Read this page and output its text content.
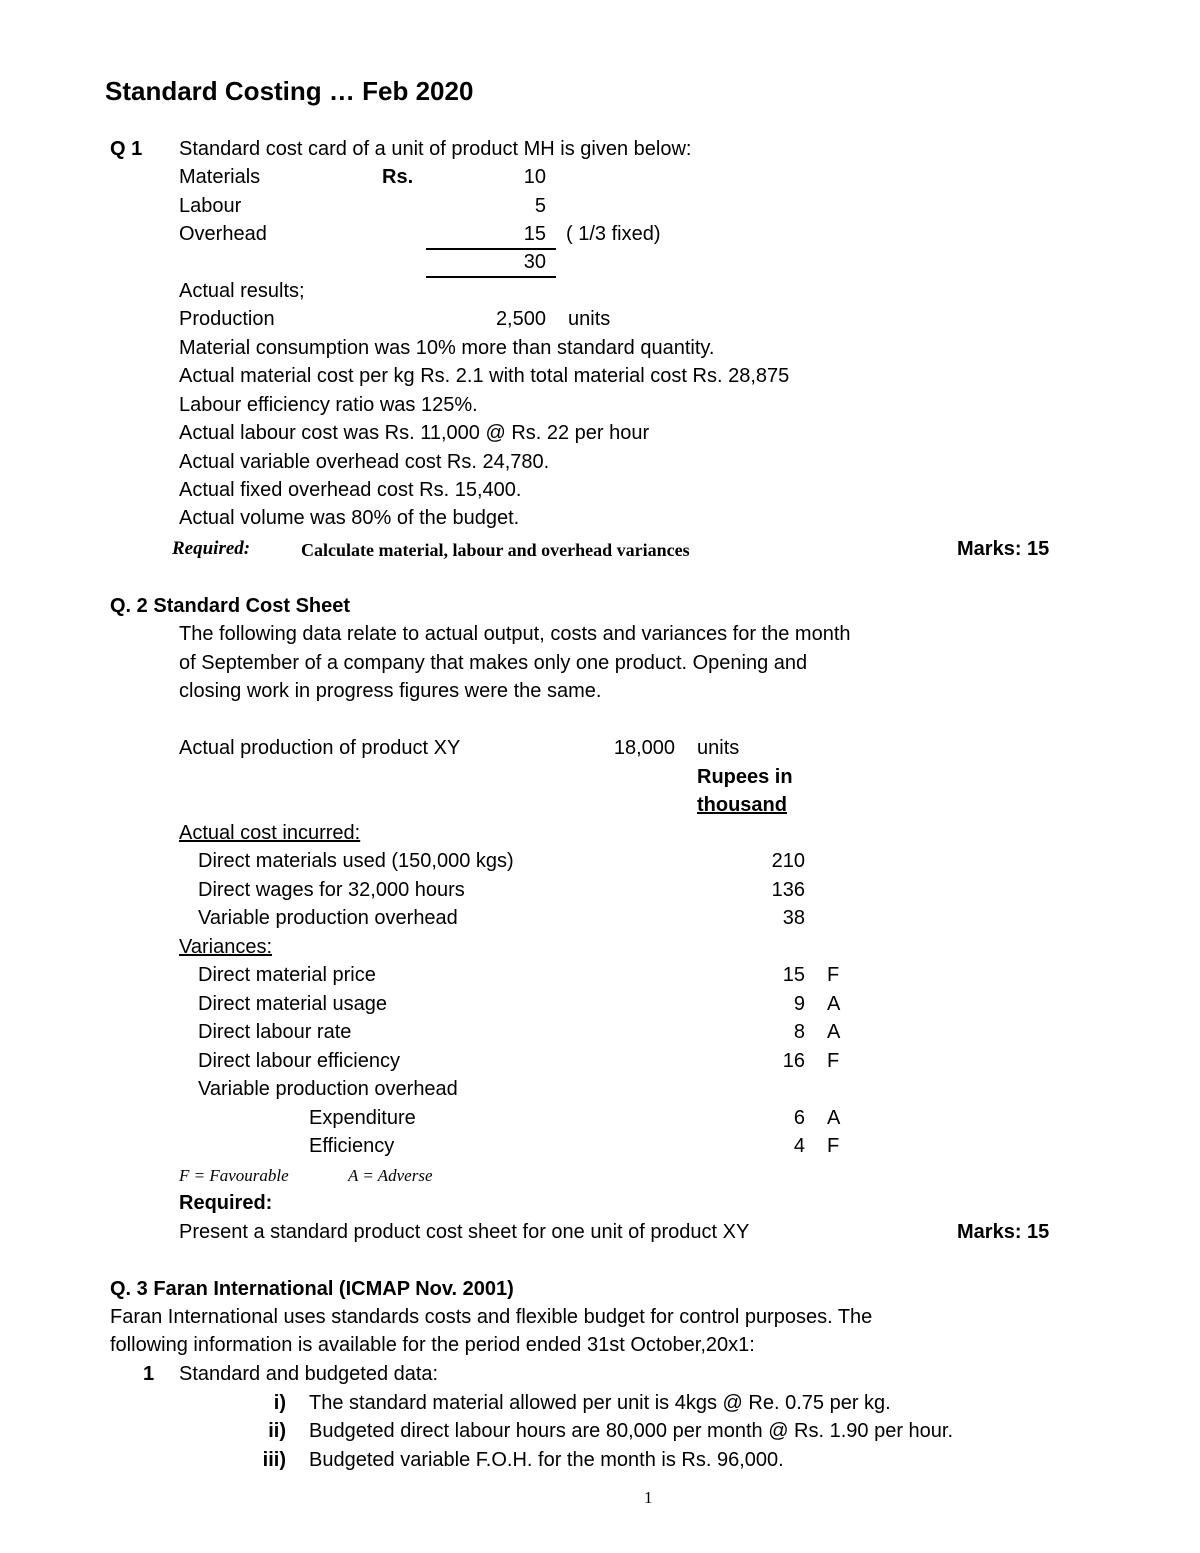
Standard Costing … Feb 2020
Q 1 Standard cost card of a unit of product MH is given below:
Rs.
Materials	10
Labour	5
Overhead	15 ( 1/3 fixed)
30
Actual results;
Production	2,500 units
Material consumption was 10% more than standard quantity.
Actual material cost per kg Rs. 2.1 with total material cost Rs. 28,875
Labour efficiency ratio was 125%.
Actual labour cost was Rs. 11,000 @ Rs. 22 per hour
Actual variable overhead cost Rs. 24,780.
Actual fixed overhead cost Rs. 15,400.
Actual volume was 80% of the budget.
Required:	Calculate material, labour and overhead variances	Marks: 15
Q. 2 Standard Cost Sheet
The following data relate to actual output, costs and variances for the month
of September of a company that makes only one product. Opening and
closing work in progress figures were the same.
Actual production of product XY	18,000 units
Rupees in
thousand
Actual cost incurred:
Direct materials used (150,000 kgs)	210
Direct wages for 32,000 hours	136
Variable production overhead	38
Variances:
Direct material price	15 F
Direct material usage	9 A
Direct labour rate	8 A
Direct labour efficiency	16 F
Variable production overhead
Expenditure	6 A
Efficiency	4 F
F = Favourable	A = Adverse
Required:
Present a standard product cost sheet for one unit of product XY	Marks: 15
Q. 3 Faran International (ICMAP Nov. 2001)
Faran International uses standards costs and flexible budget for control purposes. The
following information is available for the period ended 31st October,20x1:
1 Standard and budgeted data:
i) The standard material allowed per unit is 4kgs @ Re. 0.75 per kg.
ii) Budgeted direct labour hours are 80,000 per month @ Rs. 1.90 per hour.
iii) Budgeted variable F.O.H. for the month is Rs. 96,000.
1
